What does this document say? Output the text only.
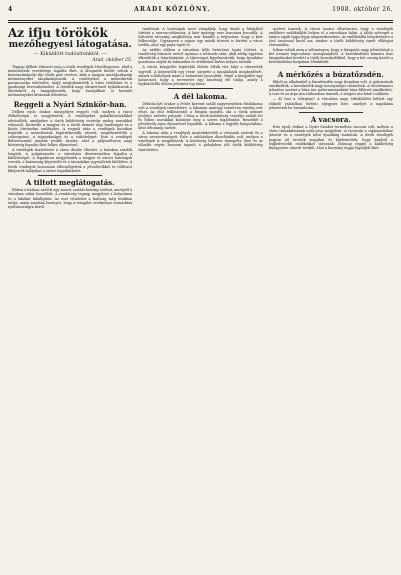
4	ARADI KÖZLÖNY.	1908. október 26.
Az ifju törökök
mezőhegyesi látogatása.
— Kiküldött tudósítónktól. —
Arad, október 25.

Tegnap délben érkezett meg a török vendégek Mezőhegyesre, ahol a ménesbirtok vezetősége fogadta őket. A látogatók között voltak a konstantinápolyi ifju török párt vezérei, akik a magyar mezőgazdasági intézményeket tanulmányozzák. A vendégeket a ménesbirtok parancsnoka üdvözölte, majd megtekintették a híres istállókat és a gazdasági berendezéseket. A törökök nagy elismeréssel nyilatkoztak a látottakról és hangsúlyozták, hogy hazájukban is hasonló intézményeket kívánnak létesíteni.

Reggeli a Nyári Szinkör-ban.

Délben nyolc órakor ünnepélyes reggeli volt, melyen a város előkelőségei is megjelentek. A vendégeket pohárköszöntőkkel üdvözölték, amelyekre a török küldöttség vezetője meleg szavakkal válaszolt. Kiemelte a magyar és a török nemzet régi barátságát és a közös történelmi emlékeket. A reggeli után a vendégek kocsikon bejárták a ménesbirtok legérdekesebb részeit, megtekintették a cukorgyárat, a tejgazdaságot és a csikótelepet. Este a vendégek különvonattal utaztak tovább Aradra, ahol a pályaudvaron nagy közönség fogadta őket lelkes éljenzéssel.

A vendégek tiszteletére a város díszbe öltözött, a házakon zászlók lengtek. A polgármester a városháza díszteremében fogadta a küldöttséget. A fogadáson megjelentek a megyei és városi hatóságok vezetői, a katonaság képviselői és a társadalmi egyesületek küldöttei. A török vendégek hosszasan elbeszélgettek a jelenlevőkkel és többször kifejezték hálájukat a szives fogadtatásért.

A tiltott meglátogatás.

Ebben a házban azelőtt egy ismert családi botrány történt, amelyről a városban sokat beszéltek. A rendőrség tegnap megjelent a helyszínen és a lakókat kihallgatta. Az eset részleteit a hatóság még titokban tartja, annyi azonban bizonyos, hogy a vizsgálat eredménye nemsokára nyilvánosságra kerül.

tanítónak. A hatóságok most vizsgálják, hogy kinek a hibájából történt a szerencsétlenség. A kárt mintegy ezer koronára becsülik. A biztosító társaság megbízottja már kiszállt a helyszínre, hogy a kárt felbecsülje. Ugyanezen a napon egy másik tűzeset is történt a város szélén, ahol egy pajta égett le.

Az utóbbi időben a városban több betöréses lopás történt. A rendőrség fokozott erővel nyomoz a tettesek után, akik eddig ügyesen elkerülték a letartóztatást. A lakosságot figyelmeztetik, hogy éjszakára gondosan zárják be lakásaikat és értékeiket biztos helyen tartsák.

A városi közgyűlés legutóbbi ülésén élénk vita folyt a vízvezeték ügyéről. A képviselők egy része sürgette a munkálatok megkezdését, mások a költségek miatt a halasztást javasolták. Végül a közgyűlés úgy határozott, hogy a tervezetet egy bizottság elé utalja, amely a legközelebbi ülésen jelentést fog tenni.

A dél lakoma.

Délután két órakor a Fehér Kereszt szálló nagytermében díszlakoma volt a vendégek tiszteletére. A lakomán mintegy százötven vendég vett részt. Az első felköszöntőt a főispán mondta, aki a török nemzet jövőjére ürítette poharát. Utána a török küldöttség vezetője szólalt fel és lelkes szavakkal köszönte meg a szives fogadtatást. Beszédét a jelenlevők zajos éljenzéssel fogadták. A lakoma a legjobb hangulatban, késő délutánig tartott.

A lakoma után a vendégek megtekintették a vértanúk szobrát és a város nevezetességeit. Este a színházban díszelőadás volt, melyen a vendégek is megjelentek. A közönség lelkesen ünnepelte őket és az előadás végén hosszan tapsolt a páholyban ülő török küldöttség tiszteletére.

nyelvet ismerik. A városi tanács elhatározta, hogy a vendégek emlékére emléktáblát helyez el a városháza falán. A tábla szövegét a tanács egyik tagja fogja megszerkeszteni. Az emléktábla leleplezésére a jövő tavasszal kerül sor, amikor a török küldöttség ismét ellátogat városunkba.

Sokan voltak azon a véleményen, hogy a látogatás nagy jelentőségű a két nemzet kapcsolatai szempontjából. A kereskedelmi kamara már tárgyalásokat kezdett a török kereskedőkkel, hogy a két ország között a kereskedelmi forgalmat élénkítsék.

A mérkőzés a búzatőzsdén.

Ebből az alkalomból a búzatőzsdén nagy forgalom volt. A gabonaárak emelkedtek, a kereskedők nagy mennyiséget vásároltak. A tőzsdetanács jelentése szerint a búza ára métermázsánként húsz fillérrel emelkedett. A rozs és az árpa ára változatlan maradt, a tengeri ára kissé csökkent.

— Ki lesz a vőlegény? A városban nagy érdeklődést keltett egy előkelő családban történt eljegyzés híre, amelyet a napokban jelentettek be hivatalosan.

A vacsora.

Este nyolc órakor a Nyári Szinkör termében vacsora volt, melyen a város társadalmának színe-java megjelent. A vacsorán a cigányzenekar játszott és a vendégek késő éjszakáig mulattak. A török vendégek nagyon jól érezték magukat és kijelentették, hogy Aradról a legkedvesebb emlékekkel távoznak. Másnap reggel a küldöttség Budapestre utazott tovább, ahol a kormány tagjai fogadják őket.
